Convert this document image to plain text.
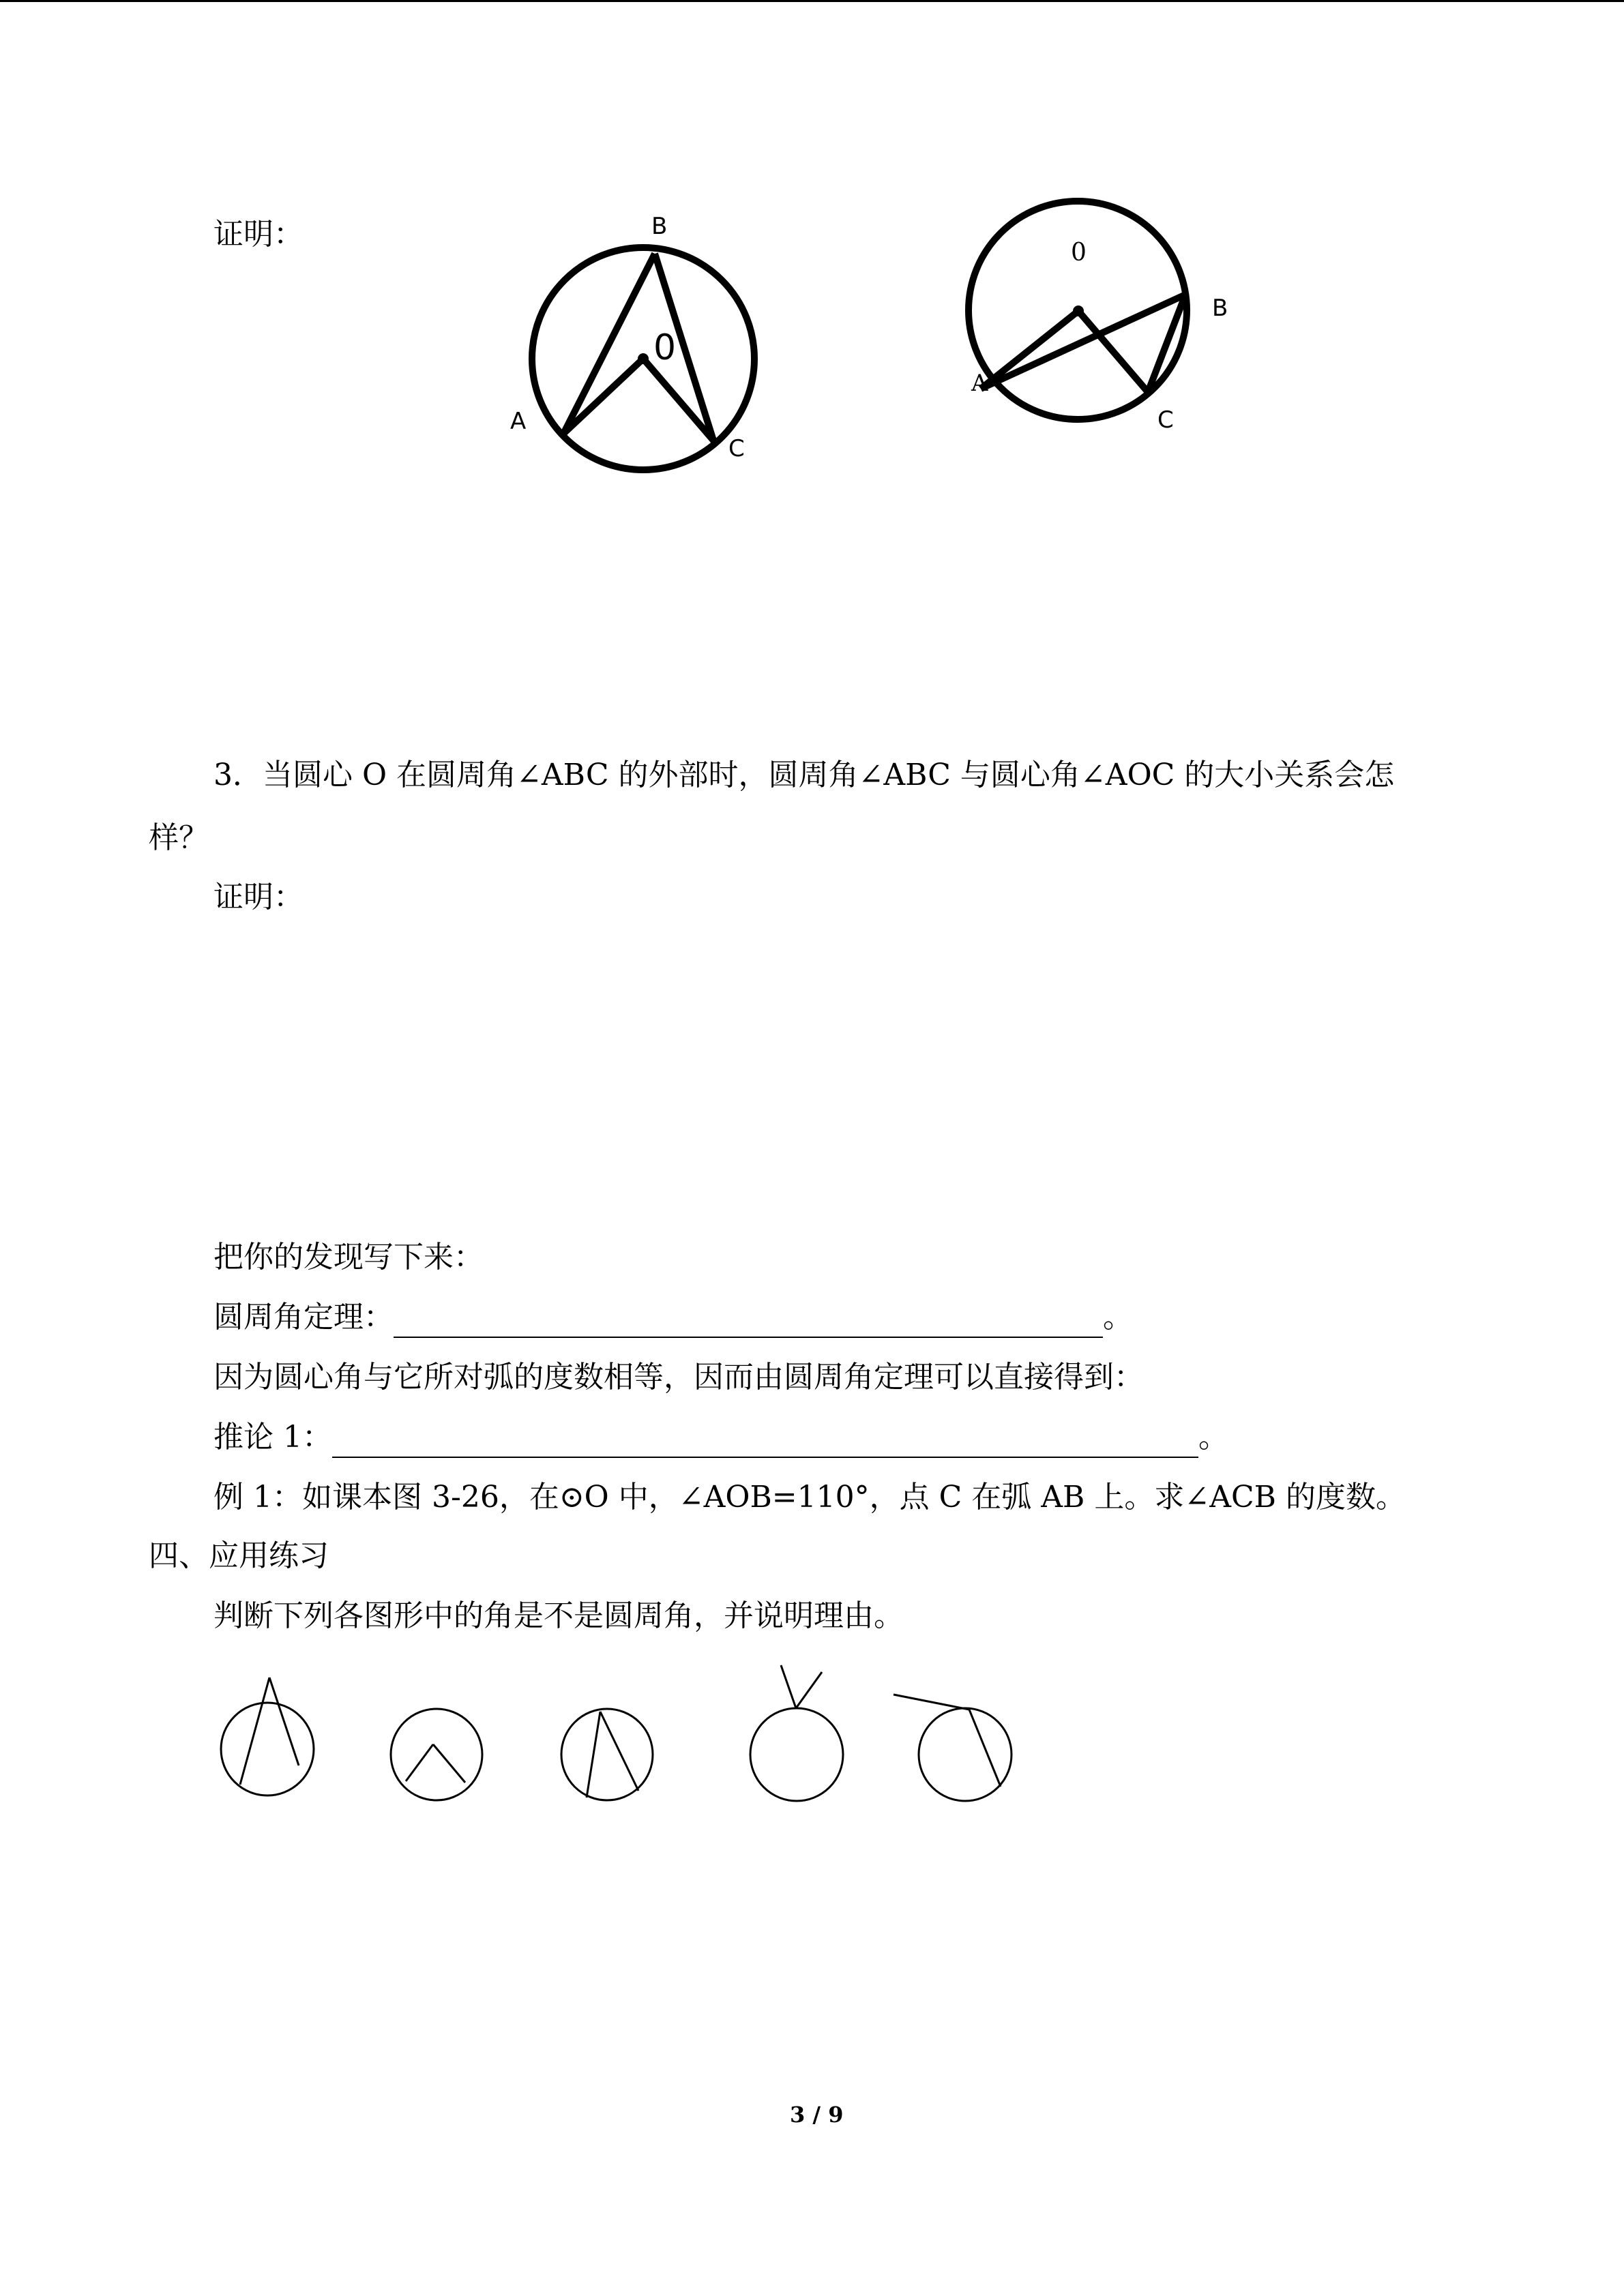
证明：	B
0
A
C
0
B
A
C
3．当圆心 O 在圆周角∠ABC 的外部时，圆周角∠ABC 与圆心角∠AOC 的大小关系会怎
样？
证明：
把你的发现写下来：
圆周角定理：	。
因为圆心角与它所对弧的度数相等，因而由圆周角定理可以直接得到：
推论 1：	。
例 1：如课本图 3-26，在⊙O 中，∠AOB=110°，点 C 在弧 AB 上。求∠ACB 的度数。
四、应用练习
判断下列各图形中的角是不是圆周角，并说明理由。
3 / 9
